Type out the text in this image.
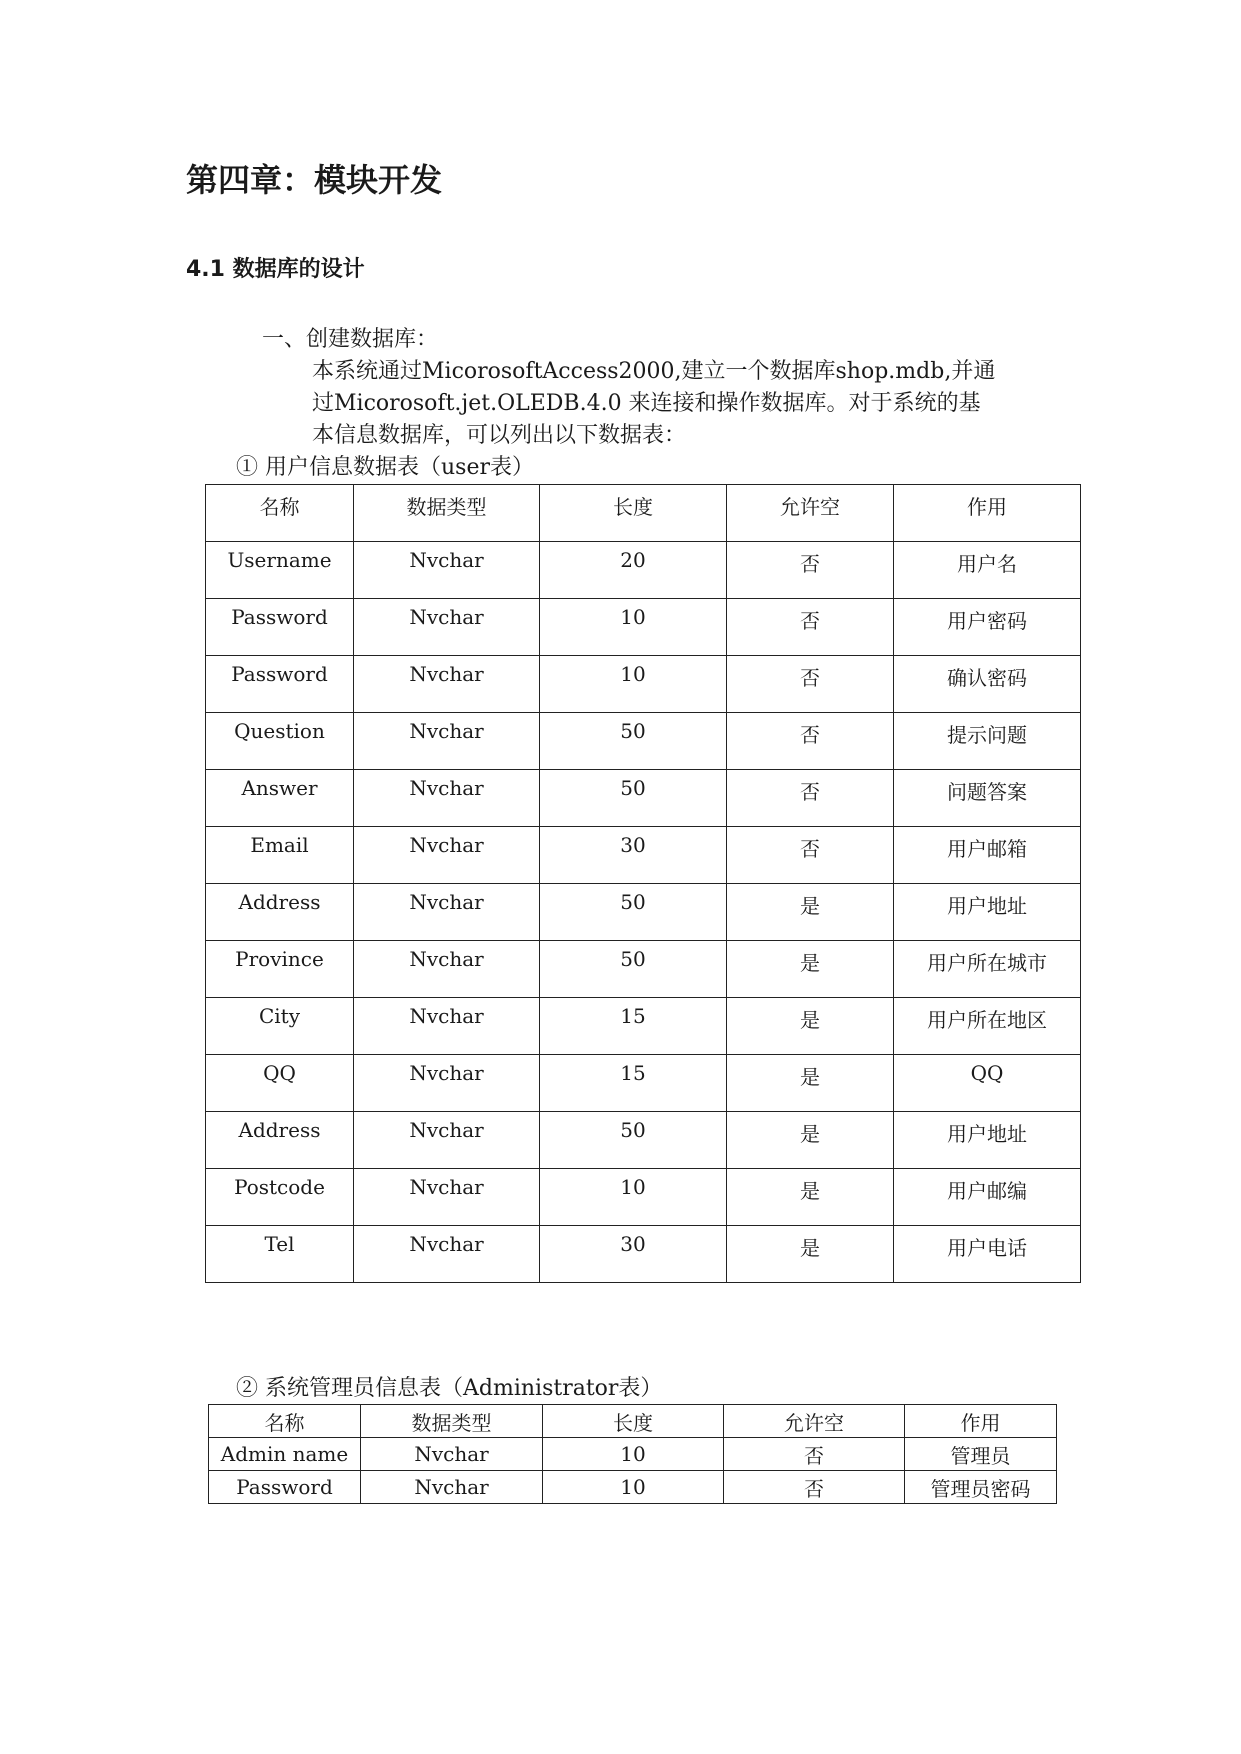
第四章：模块开发
4.1 数据库的设计
一、创建数据库：
本系统通过MicorosoftAccess2000,建立一个数据库shop.mdb,并通
过Micorosoft.jet.OLEDB.4.0 来连接和操作数据库。对于系统的基
本信息数据库，可以列出以下数据表：
① 用户信息数据表（user表）
名称	数据类型	长度	允许空	作用
Username	Nvchar	20	否	用户名
Password	Nvchar	10	否	用户密码
Password	Nvchar	10	否	确认密码
Question	Nvchar	50	否	提示问题
Answer	Nvchar	50	否	问题答案
Email	Nvchar	30	否	用户邮箱
Address	Nvchar	50	是	用户地址
Province	Nvchar	50	是	用户所在城市
City	Nvchar	15	是	用户所在地区
QQ	Nvchar	15	是	QQ
Address	Nvchar	50	是	用户地址
Postcode	Nvchar	10	是	用户邮编
Tel	Nvchar	30	是	用户电话
② 系统管理员信息表（Administrator表）
名称	数据类型	长度	允许空	作用
Admin name	Nvchar	10	否	管理员
Password	Nvchar	10	否	管理员密码
